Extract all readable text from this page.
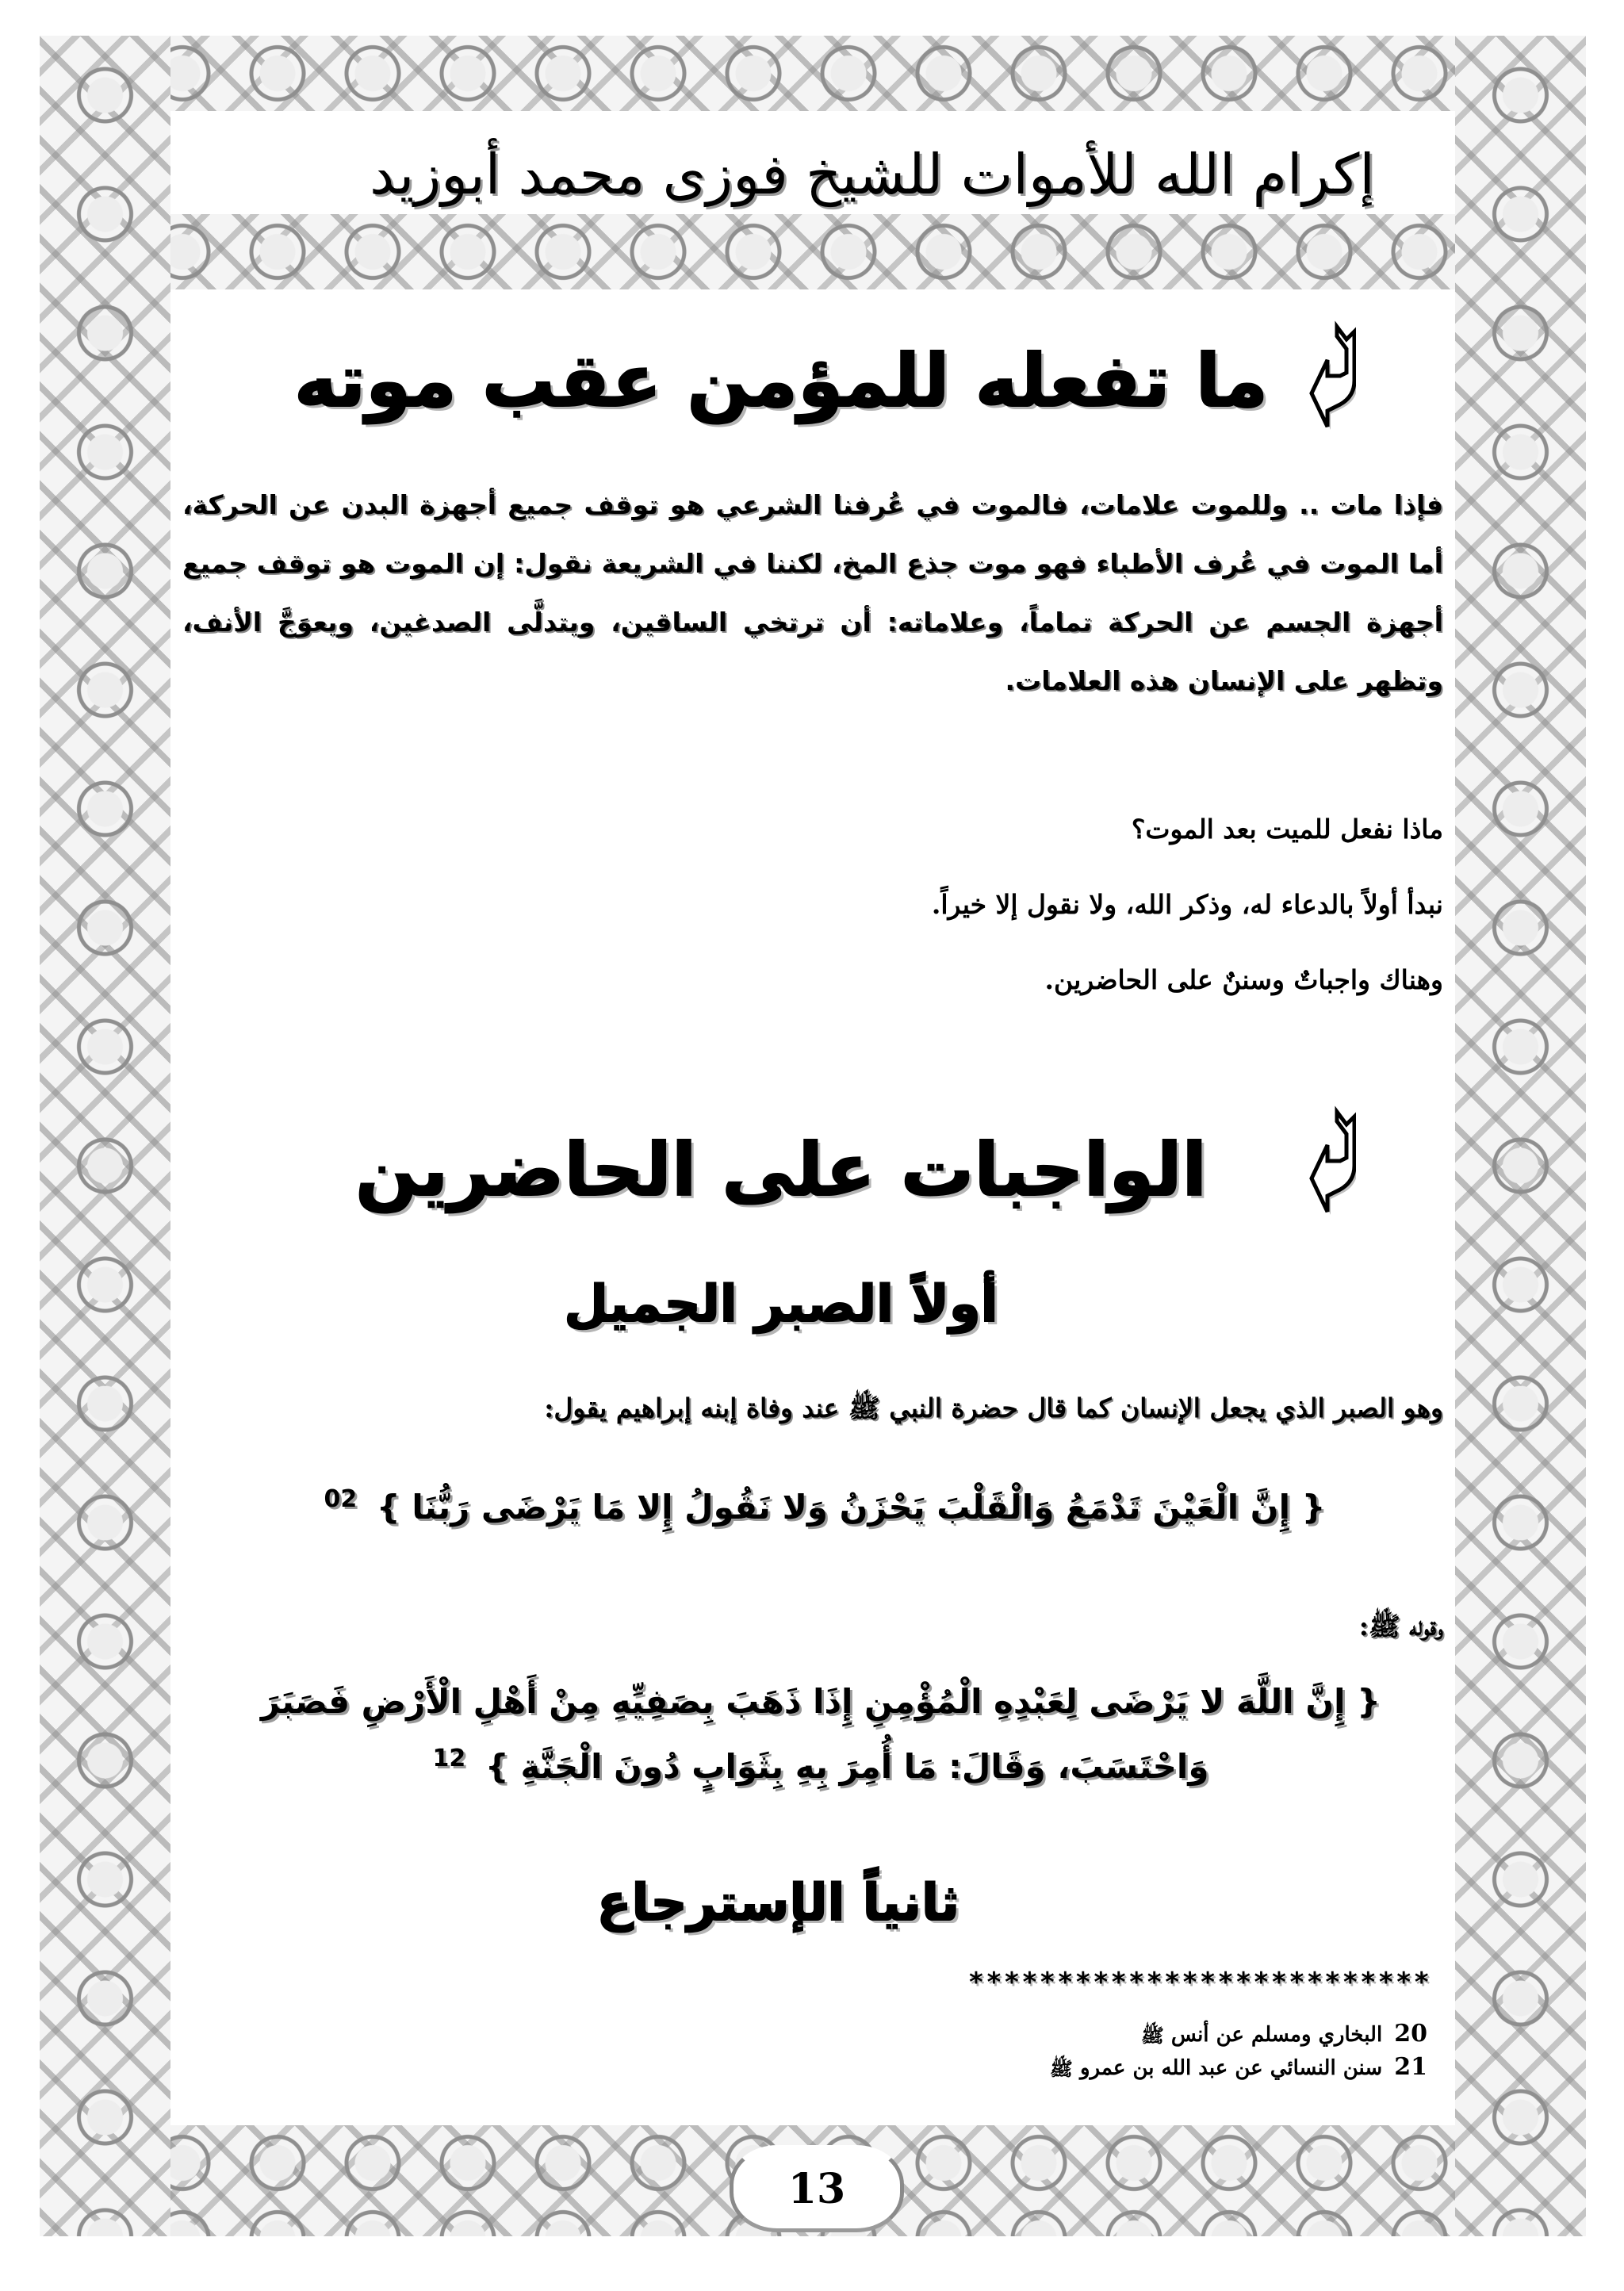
إكرام الله للأموات للشيخ فوزى محمد أبوزيد
ما تفعله للمؤمن عقب موته

فإذا مات .. وللموت علامات، فالموت في عُرفنا الشرعي هو توقف جميع أجهزة البدن عن الحركة، أما الموت في عُرف الأطباء فهو موت جذع المخ، لكننا في الشريعة نقول: إن الموت هو توقف جميع أجهزة الجسم عن الحركة تماماً، وعلاماته: أن ترتخي الساقين، ويتدلَّى الصدغين، ويعوَجَّ الأنف، وتظهر على الإنسان هذه العلامات.

ماذا نفعل للميت بعد الموت؟
نبدأ أولاً بالدعاء له، وذكر الله، ولا نقول إلا خيراً.
وهناك واجباتٌ وسننٌ على الحاضرين.
الواجبات على الحاضرين
أولاً الصبر الجميل
وهو الصبر الذي يجعل الإنسان كما قال حضرة النبي ﷺ عند وفاة إبنه إبراهيم يقول:
{ إِنَّ الْعَيْنَ تَدْمَعُ وَالْقَلْبَ يَحْزَنُ وَلا نَقُولُ إِلا مَا يَرْضَى رَبُّنَا } $^{02}$
وقوله ﷺ:
{ إِنَّ اللَّهَ لا يَرْضَى لِعَبْدِهِ الْمُؤْمِنِ إِذَا ذَهَبَ بِصَفِيِّهِ مِنْ أَهْلِ الْأَرْضِ فَصَبَرَ
وَاحْتَسَبَ، وَقَالَ: مَا أُمِرَ بِهِ بِثَوَابٍ دُونَ الْجَنَّةِ } $^{12}$
ثانياً الإسترجاع
**************************
20 البخاري ومسلم عن أنس ﷺ
21 سنن النسائي عن عبد الله بن عمرو ﷺ
13
